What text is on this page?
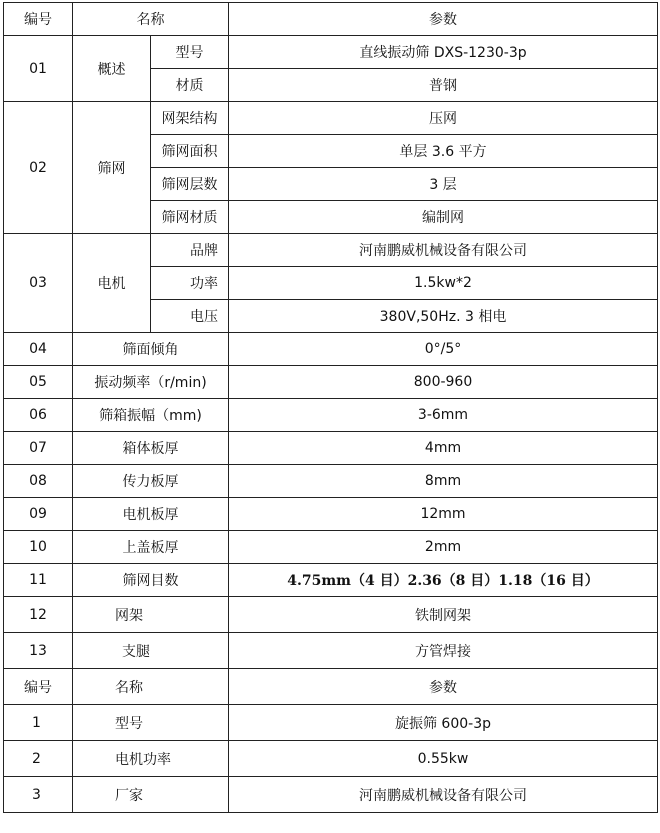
编号	名称		参数
01	概述	型号	直线振动筛 DXS-1230-3p
		材质	普钢
02	筛网	网架结构	压网
		筛网面积	单层 3.6 平方
		筛网层数	3 层
		筛网材质	编制网
03	电机	品牌	河南鹏威机械设备有限公司
		功率	1.5kw*2
		电压	380V,50Hz. 3 相电
04	筛面倾角		0°/5°
05	振动频率（r/min)		800-960
06	筛箱振幅（mm)		3-6mm
07	箱体板厚		4mm
08	传力板厚		8mm
09	电机板厚		12mm
10	上盖板厚		2mm
11	筛网目数		4.75mm（4 目）2.36（8 目）1.18（16 目）
12	网架		铁制网架
13	支腿		方管焊接
编号	名称		参数
1	型号		旋振筛 600-3p
2	电机功率		0.55kw
3	厂家		河南鹏威机械设备有限公司
